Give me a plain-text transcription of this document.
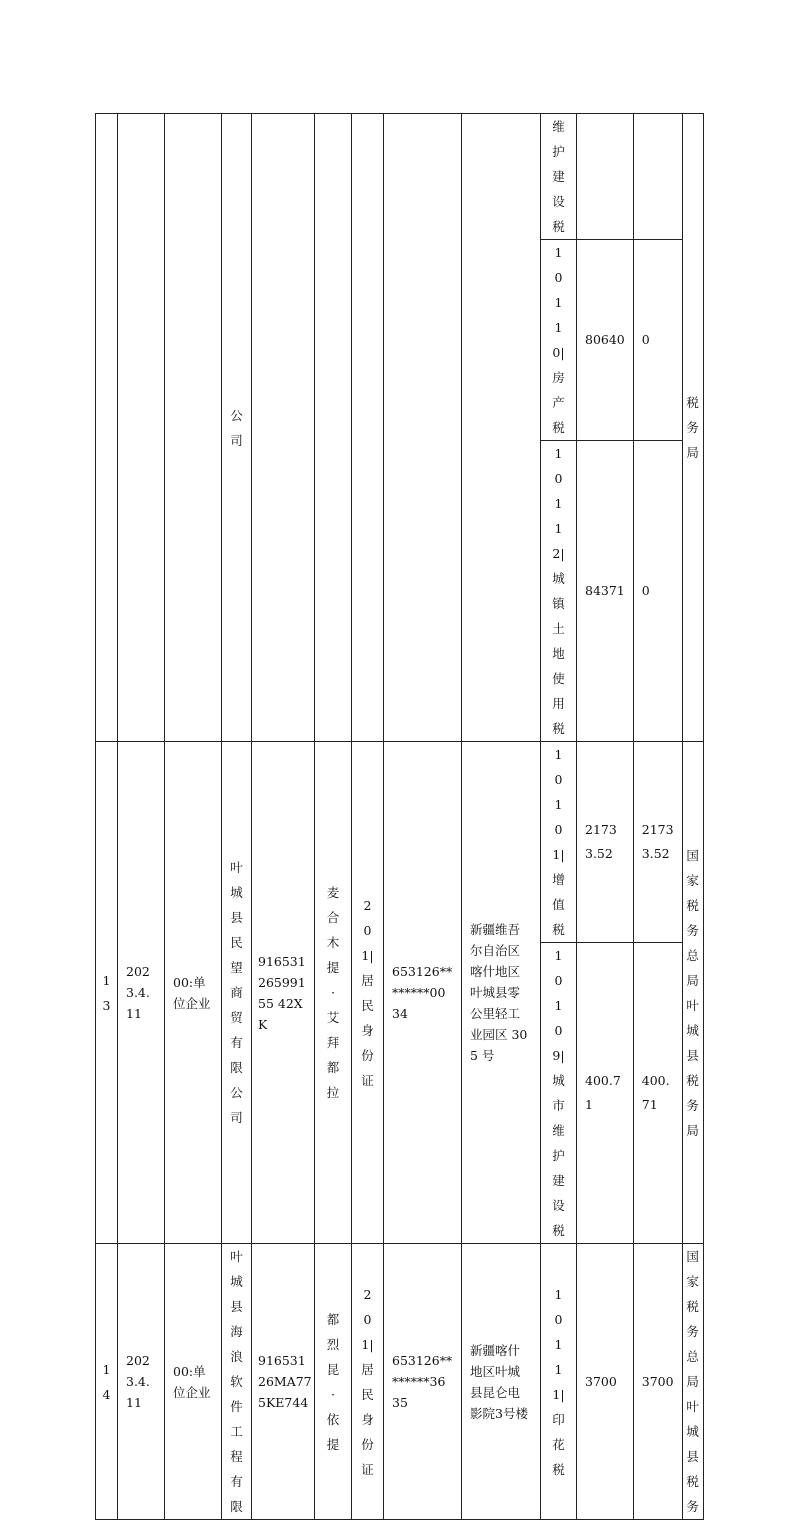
			公司						维护建设税			税务局

									10110|房产税	80640	0	

									10112|城镇土地使用税	84371	0	

13	2023.4.11	00:单位企业	叶城县民望商贸有限公司	91653126599155 42XK	麦合木提·艾拜都拉	201|居民身份证	653126********0034	新疆维吾尔自治区喀什地区叶城县零公里轻工业园区 305 号	10101|增值税	21733.52	21733.52	国家税务总局叶城县税务局

									10109|城市维护建设税	400.71	400.71	

14	2023.4.11	00:单位企业	叶城县海浪软件工程有限	91653126MA775KE744	都烈昆·依提	201|居民身份证	653126********3635	新疆喀什地区叶城县昆仑电影院3号楼	10111|印花税	3700	3700	国家税务总局叶城县税务
